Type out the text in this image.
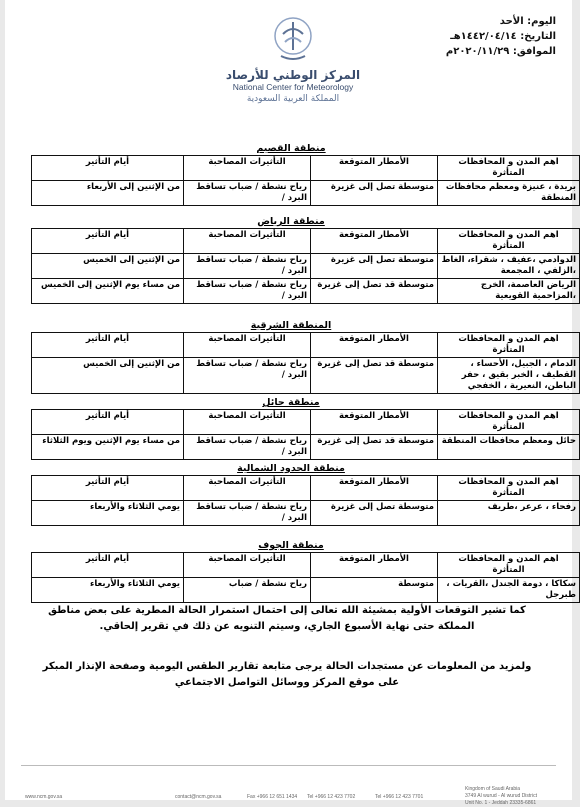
اليوم: الأحد
التاريخ: ١٤٤٢/٠٤/١٤هـ
الموافق: ٢٠٢٠/١١/٢٩م
المركز الوطني للأرصاد
National Center for Meteorology
المملكة العربية السعودية
منطقة القصيم
اهم المدن و المحافظات المتأثرة	الأمطار المتوقعة	التأثيرات المصاحبة	أيام التأثير
بريدة ، عنيزة ومعظم محافظات المنطقة	متوسطة تصل إلى غزيرة	رياح نشطة / ضباب تساقط البرد /	من الإثنين إلى الأربعاء
منطقة الرياض
اهم المدن و المحافظات المتأثرة	الأمطار المتوقعة	التأثيرات المصاحبة	أيام التأثير
الدوادمي ،عفيف ، شقراء، الغاط ،الزلفي ، المجمعة	متوسطة تصل إلى غزيرة	رياح نشطة / ضباب تساقط البرد /	من الإثنين إلى الخميس
الرياض العاصمة، الخرج ،المزاحمية القويعية	متوسطة قد تصل إلى غزيرة	رياح نشطة / ضباب تساقط البرد /	من مساء يوم الإثنين إلى الخميس
المنطقة الشرقية
اهم المدن و المحافظات المتأثرة	الأمطار المتوقعة	التأثيرات المصاحبة	أيام التأثير
الدمام ، الجبيل، الأحساء ، القطيف ، الخبر بقيق ، حفر الباطن، النعيرية ، الخفجي	متوسطة قد تصل إلى غزيرة	رياح نشطة / ضباب تساقط البرد /	من الإثنين إلى الخميس
منطقة حائل
اهم المدن و المحافظات المتأثرة	الأمطار المتوقعة	التأثيرات المصاحبة	أيام التأثير
حائل ومعظم محافظات المنطقة	متوسطة قد تصل إلى غزيرة	رياح نشطة / ضباب تساقط البرد /	من مساء يوم الإثنين ويوم الثلاثاء
منطقة الحدود الشمالية
اهم المدن و المحافظات المتأثرة	الأمطار المتوقعة	التأثيرات المصاحبة	أيام التأثير
رفحاء ، عرعر ،طريف	متوسطة تصل إلى غزيرة	رياح نشطة / ضباب تساقط البرد /	يومي الثلاثاء والأربعاء
منطقة الجوف
اهم المدن و المحافظات المتأثرة	الأمطار المتوقعة	التأثيرات المصاحبة	أيام التأثير
سكاكا ، دومة الجندل ،القريات ، طبرجل	متوسطة	رياح نشطة / ضباب	يومي الثلاثاء والأربعاء
كما تشير التوقعات الأولية بمشيئة الله تعالى إلى احتمال استمرار الحالة المطرية على بعض مناطق المملكة حتى نهاية الأسبوع الجاري، وسيتم التنويه عن ذلك في تقرير إلحاقي.
ولمزيد من المعلومات عن مستجدات الحالة يرجى متابعة تقارير الطقس اليومية وصفحة الإنذار المبكر على موقع المركز ووسائل التواصل الاجتماعي
www.ncm.gov.sa	contact@ncm.gov.sa	Fax +966 12 651 1434 Tel +966 12 423 7702	Tel +966 12 423 7701
Kingdom of Saudi Arabia
3749 Al wurud - Al wurud District
Unit No. 1 - Jeddah 23335-6861
